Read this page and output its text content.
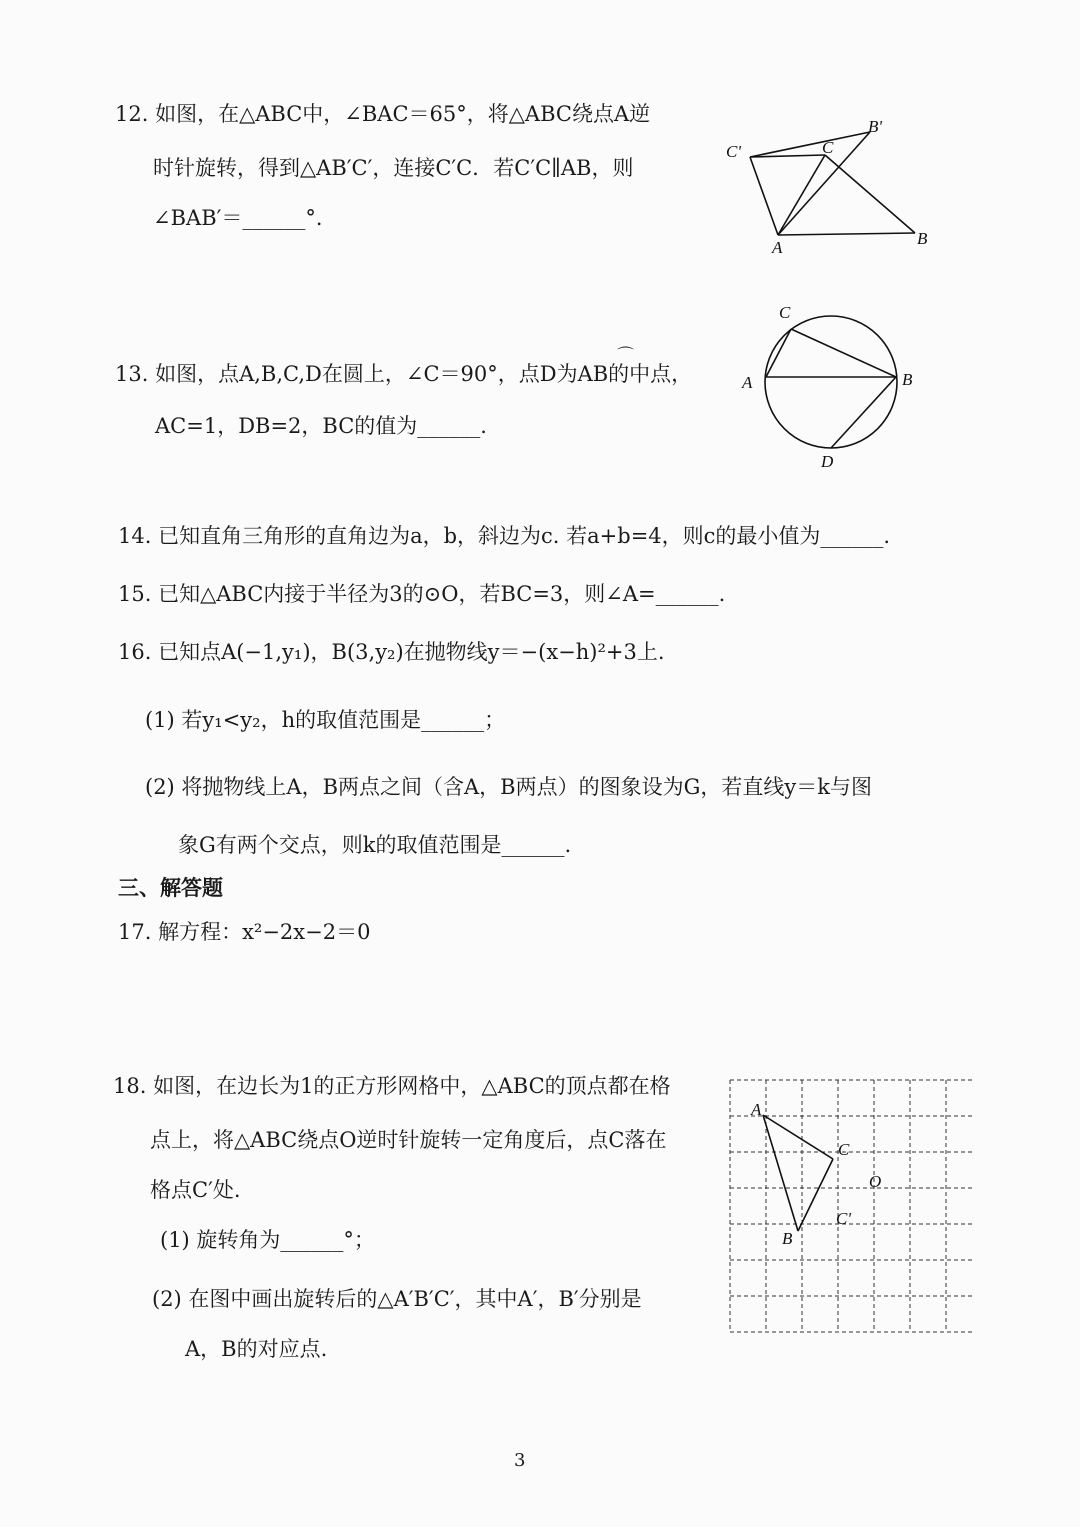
12. 如图，在△ABC中，∠BAC＝65°，将△ABC绕点A逆
时针旋转，得到△AB′C′，连接C′C．若C′C∥AB，则
∠BAB′＝______°．
B'
C'	C
A	B
13. 如图，点A,B,C,D在圆上，∠C＝90°，点D为AB的中点，
⌒
AC=1，DB=2，BC的值为______.
C
A	B
D
14. 已知直角三角形的直角边为a，b，斜边为c. 若a+b=4，则c的最小值为______.
15. 已知△ABC内接于半径为3的⊙O，若BC=3，则∠A=______.
16. 已知点A(−1,y₁)，B(3,y₂)在抛物线y＝−(x−h)²+3上.
(1) 若y₁<y₂，h的取值范围是______；
(2) 将抛物线上A，B两点之间（含A，B两点）的图象设为G，若直线y＝k与图
象G有两个交点，则k的取值范围是______.
三、解答题
17. 解方程：x²−2x−2＝0
18. 如图，在边长为1的正方形网格中，△ABC的顶点都在格
点上，将△ABC绕点O逆时针旋转一定角度后，点C落在
格点C′处.
(1) 旋转角为______°；
(2) 在图中画出旋转后的△A′B′C′，其中A′，B′分别是
A，B的对应点.
A
C
O
C'
B
3
